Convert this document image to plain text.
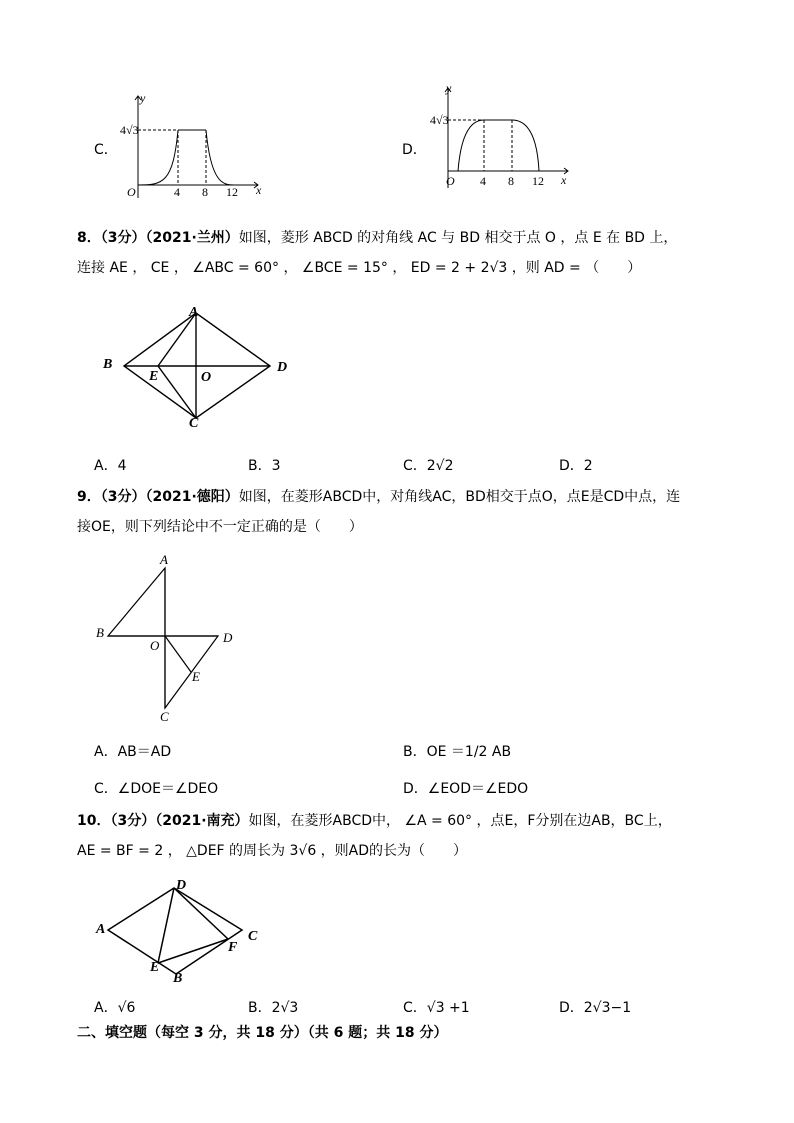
C．
y
x
O
4√3
4 8 12
D．
y
x
O
4√3
4 8 12
8．（3分）（2021·兰州）如图，菱形 ABCD 的对角线 AC 与 BD 相交于点 O ，点 E 在 BD 上，
连接 AE ， CE ， ∠ABC = 60° ， ∠BCE = 15° ， ED = 2 + 2√3 ，则 AD = （　　）
A
B	D
C
E	O
A．4	B．3	C．2√2	D．2
9．（3分）（2021·德阳）如图，在菱形ABCD中，对角线AC，BD相交于点O，点E是CD中点，连
接OE，则下列结论中不一定正确的是（　　）
A
B	D
C
O
E
A．AB＝AD	B．OE ＝1/2 AB
C．∠DOE＝∠DEO	D．∠EOD＝∠EDO
10．（3分）（2021·南充）如图，在菱形ABCD中， ∠A = 60° ，点E，F分别在边AB，BC上，
AE = BF = 2 ， △DEF 的周长为 3√6 ，则AD的长为（　　）
D
A	C
F
E
B
A．√6	B．2√3	C．√3 +1	D．2√3−1
二、填空题（每空 3 分，共 18 分）（共 6 题；共 18 分）
